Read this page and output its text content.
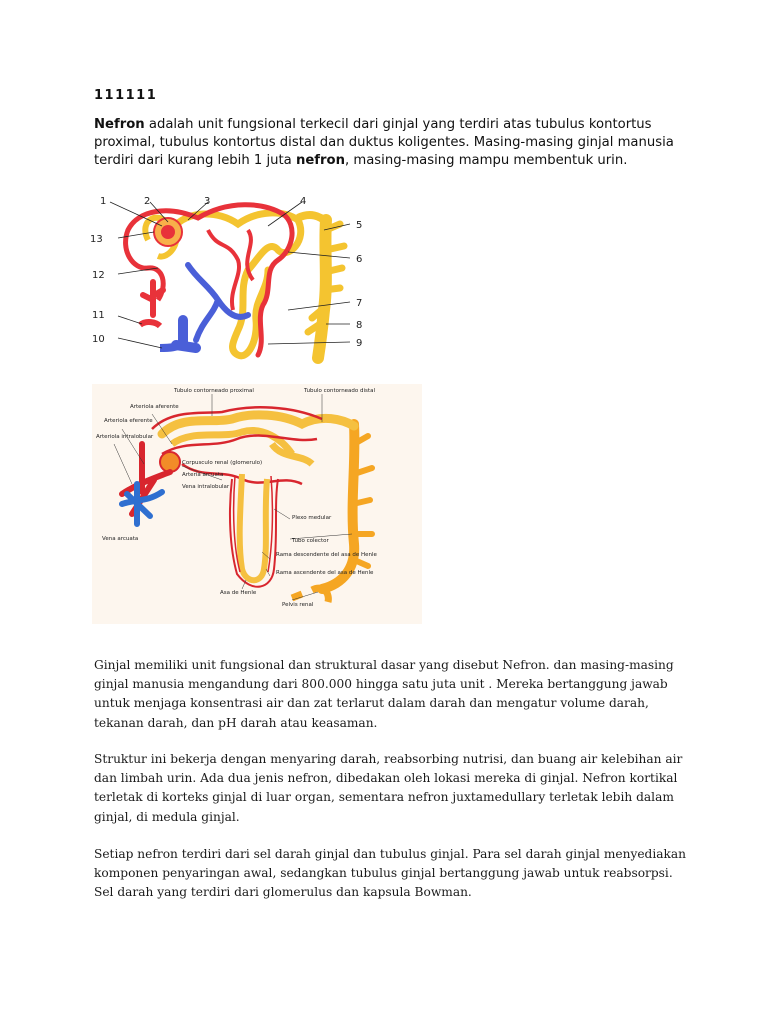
111111
Nefron adalah unit fungsional terkecil dari ginjal yang terdiri atas tubulus kontortus proximal, tubulus kontortus distal dan duktus koligentes. Masing-masing ginjal manusia terdiri dari kurang lebih 1 juta nefron, masing-masing mampu membentuk urin.
1	2	3	4
5
6
7
8
9
10
11
12
13
Tubulo contorneado proximal	Tubulo contorneado distal
Arteriola aferente
Arteriola eferente
Arteriola intralobular
Corpusculo renal (glomerulo)
Arteria arcuata
Vena intralobular
Vena arcuata
Plexo medular
Tubo colector
Rama descendente del asa de Henle
Rama ascendente del asa de Henle
Asa de Henle
Pelvis renal
Ginjal memiliki unit fungsional dan struktural dasar yang disebut Nefron. dan masing-masing ginjal manusia mengandung dari 800.000 hingga satu juta unit . Mereka bertanggung jawab untuk menjaga konsentrasi air dan zat terlarut dalam darah dan mengatur volume darah, tekanan darah, dan pH darah atau keasaman.
Struktur ini bekerja dengan menyaring darah, reabsorbing nutrisi, dan buang air kelebihan air dan limbah urin. Ada dua jenis nefron, dibedakan oleh lokasi mereka di ginjal. Nefron kortikal terletak di korteks ginjal di luar organ, sementara nefron juxtamedullary terletak lebih dalam ginjal, di medula ginjal.
Setiap nefron terdiri dari sel darah ginjal dan tubulus ginjal. Para sel darah ginjal menyediakan komponen penyaringan awal, sedangkan tubulus ginjal bertanggung jawab untuk reabsorpsi. Sel darah yang terdiri dari glomerulus dan kapsula Bowman.
